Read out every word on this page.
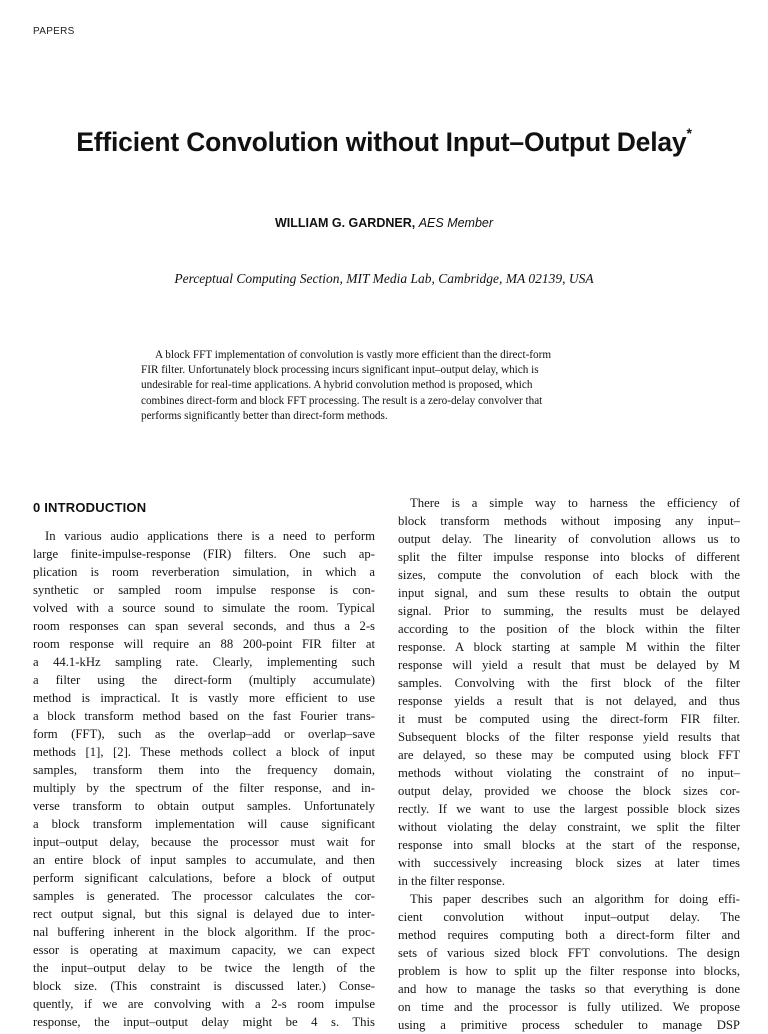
PAPERS
Efficient Convolution without Input–Output Delay*
WILLIAM G. GARDNER, AES Member
Perceptual Computing Section, MIT Media Lab, Cambridge, MA 02139, USA
A block FFT implementation of convolution is vastly more efficient than the direct-form
FIR filter. Unfortunately block processing incurs significant input–output delay, which is
undesirable for real-time applications. A hybrid convolution method is proposed, which
combines direct-form and block FFT processing. The result is a zero-delay convolver that
performs significantly better than direct-form methods.
0 INTRODUCTION
In various audio applications there is a need to perform
large finite-impulse-response (FIR) filters. One such ap-
plication is room reverberation simulation, in which a
synthetic or sampled room impulse response is con-
volved with a source sound to simulate the room. Typical
room responses can span several seconds, and thus a 2-s
room response will require an 88 200-point FIR filter at
a 44.1-kHz sampling rate. Clearly, implementing such
a filter using the direct-form (multiply accumulate)
method is impractical. It is vastly more efficient to use
a block transform method based on the fast Fourier trans-
form (FFT), such as the overlap–add or overlap–save
methods [1], [2]. These methods collect a block of input
samples, transform them into the frequency domain,
multiply by the spectrum of the filter response, and in-
verse transform to obtain output samples. Unfortunately
a block transform implementation will cause significant
input–output delay, because the processor must wait for
an entire block of input samples to accumulate, and then
perform significant calculations, before a block of output
samples is generated. The processor calculates the cor-
rect output signal, but this signal is delayed due to inter-
nal buffering inherent in the block algorithm. If the proc-
essor is operating at maximum capacity, we can expect
the input–output delay to be twice the length of the
block size. (This constraint is discussed later.) Conse-
quently, if we are convolving with a 2-s room impulse
response, the input–output delay might be 4 s. This
There is a simple way to harness the efficiency of
block transform methods without imposing any input–
output delay. The linearity of convolution allows us to
split the filter impulse response into blocks of different
sizes, compute the convolution of each block with the
input signal, and sum these results to obtain the output
signal. Prior to summing, the results must be delayed
according to the position of the block within the filter
response. A block starting at sample M within the filter
response will yield a result that must be delayed by M
samples. Convolving with the first block of the filter
response yields a result that is not delayed, and thus
it must be computed using the direct-form FIR filter.
Subsequent blocks of the filter response yield results that
are delayed, so these may be computed using block FFT
methods without violating the constraint of no input–
output delay, provided we choose the block sizes cor-
rectly. If we want to use the largest possible block sizes
without violating the delay constraint, we split the filter
response into small blocks at the start of the response,
with successively increasing block sizes at later times
in the filter response.
This paper describes such an algorithm for doing effi-
cient convolution without input–output delay. The
method requires computing both a direct-form filter and
sets of various sized block FFT convolutions. The design
problem is how to split up the filter response into blocks,
and how to manage the tasks so that everything is done
on time and the processor is fully utilized. We propose
using a primitive process scheduler to manage DSP
